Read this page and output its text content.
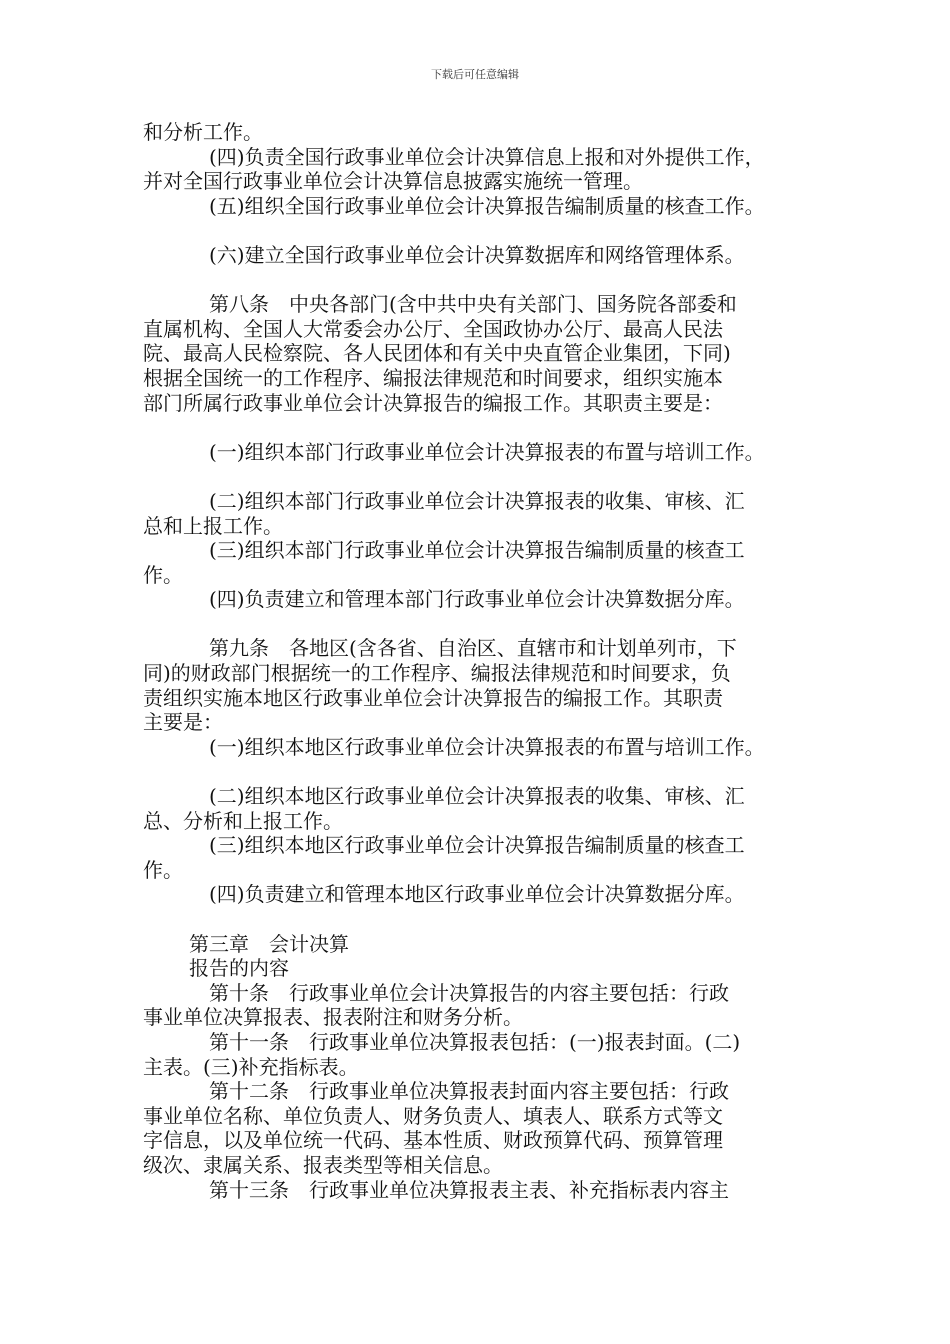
下载后可任意编辑

和分析工作。

(四)负责全国行政事业单位会计决算信息上报和对外提供工作，

并对全国行政事业单位会计决算信息披露实施统一管理。

(五)组织全国行政事业单位会计决算报告编制质量的核查工作。

(六)建立全国行政事业单位会计决算数据库和网络管理体系。

第八条　中央各部门(含中共中央有关部门、国务院各部委和

直属机构、全国人大常委会办公厅、全国政协办公厅、最高人民法

院、最高人民检察院、各人民团体和有关中央直管企业集团，下同)

根据全国统一的工作程序、编报法律规范和时间要求，组织实施本

部门所属行政事业单位会计决算报告的编报工作。其职责主要是：

(一)组织本部门行政事业单位会计决算报表的布置与培训工作。

(二)组织本部门行政事业单位会计决算报表的收集、审核、汇

总和上报工作。

(三)组织本部门行政事业单位会计决算报告编制质量的核查工

作。

(四)负责建立和管理本部门行政事业单位会计决算数据分库。

第九条　各地区(含各省、自治区、直辖市和计划单列市，下

同)的财政部门根据统一的工作程序、编报法律规范和时间要求，负

责组织实施本地区行政事业单位会计决算报告的编报工作。其职责

主要是：

(一)组织本地区行政事业单位会计决算报表的布置与培训工作。

(二)组织本地区行政事业单位会计决算报表的收集、审核、汇

总、分析和上报工作。

(三)组织本地区行政事业单位会计决算报告编制质量的核查工

作。

(四)负责建立和管理本地区行政事业单位会计决算数据分库。

第三章　会计决算

报告的内容

第十条　行政事业单位会计决算报告的内容主要包括：行政

事业单位决算报表、报表附注和财务分析。

第十一条　行政事业单位决算报表包括：(一)报表封面。(二)

主表。(三)补充指标表。

第十二条　行政事业单位决算报表封面内容主要包括：行政

事业单位名称、单位负责人、财务负责人、填表人、联系方式等文

字信息，以及单位统一代码、基本性质、财政预算代码、预算管理

级次、隶属关系、报表类型等相关信息。

第十三条　行政事业单位决算报表主表、补充指标表内容主
